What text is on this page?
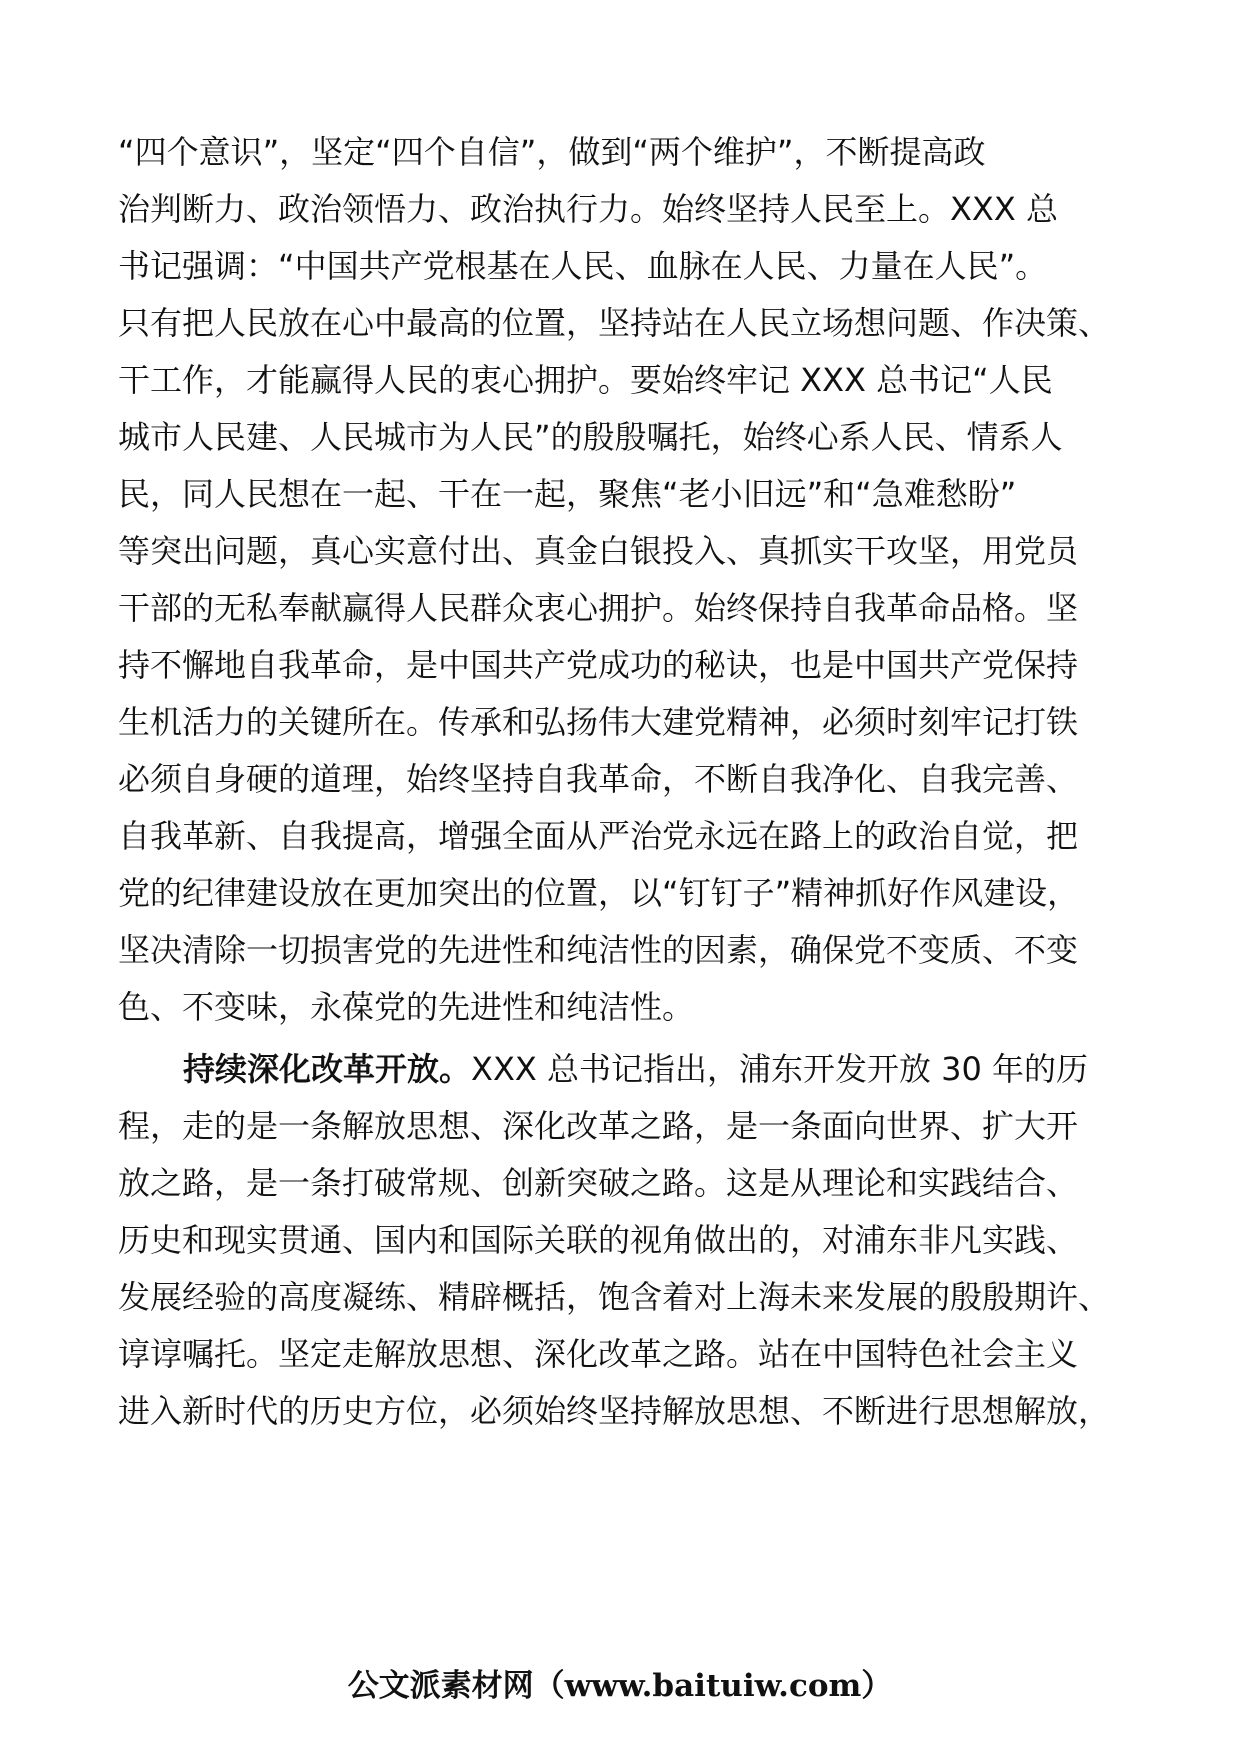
“四个意识”，坚定“四个自信”，做到“两个维护”，不断提高政
治判断力、政治领悟力、政治执行力。始终坚持人民至上。XXX 总
书记强调：“中国共产党根基在人民、血脉在人民、力量在人民”。
只有把人民放在心中最高的位置，坚持站在人民立场想问题、作决策、
干工作，才能赢得人民的衷心拥护。要始终牢记 XXX 总书记“人民
城市人民建、人民城市为人民”的殷殷嘱托，始终心系人民、情系人
民，同人民想在一起、干在一起，聚焦“老小旧远”和“急难愁盼”
等突出问题，真心实意付出、真金白银投入、真抓实干攻坚，用党员
干部的无私奉献赢得人民群众衷心拥护。始终保持自我革命品格。坚
持不懈地自我革命，是中国共产党成功的秘诀，也是中国共产党保持
生机活力的关键所在。传承和弘扬伟大建党精神，必须时刻牢记打铁
必须自身硬的道理，始终坚持自我革命，不断自我净化、自我完善、
自我革新、自我提高，增强全面从严治党永远在路上的政治自觉，把
党的纪律建设放在更加突出的位置，以“钉钉子”精神抓好作风建设，
坚决清除一切损害党的先进性和纯洁性的因素，确保党不变质、不变
色、不变味，永葆党的先进性和纯洁性。
持续深化改革开放。XXX 总书记指出，浦东开发开放 30 年的历
程，走的是一条解放思想、深化改革之路，是一条面向世界、扩大开
放之路，是一条打破常规、创新突破之路。这是从理论和实践结合、
历史和现实贯通、国内和国际关联的视角做出的，对浦东非凡实践、
发展经验的高度凝练、精辟概括，饱含着对上海未来发展的殷殷期许、
谆谆嘱托。坚定走解放思想、深化改革之路。站在中国特色社会主义
进入新时代的历史方位，必须始终坚持解放思想、不断进行思想解放，
公文派素材网（www.baituiw.com）
